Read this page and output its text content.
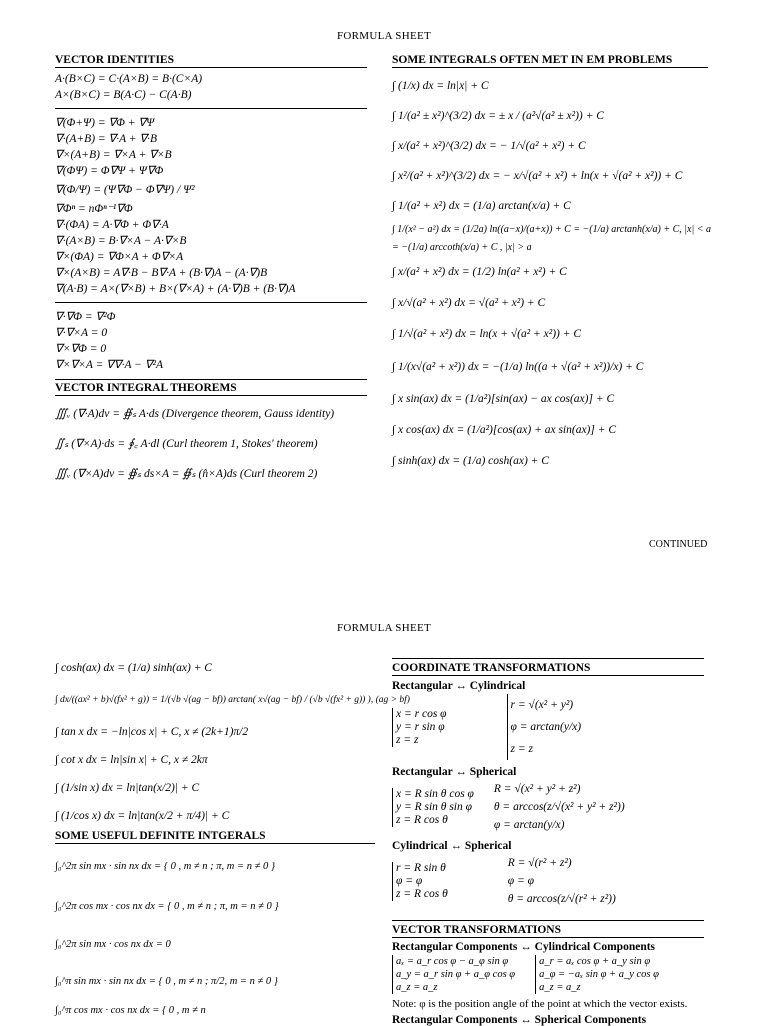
FORMULA SHEET
VECTOR IDENTITIES
A·(B×C) = C·(A×B) = B·(C×A)
A×(B×C) = B(A·C) − C(A·B)
∇(Φ+Ψ) = ∇Φ + ∇Ψ
∇·(A+B) = ∇·A + ∇·B
∇×(A+B) = ∇×A + ∇×B
∇(ΦΨ) = Φ∇Ψ + Ψ∇Φ
∇(Φ/Ψ) = (Ψ∇Φ − Φ∇Ψ) / Ψ²
∇Φⁿ = nΦⁿ⁻¹∇Φ
∇·(ΦA) = A·∇Φ + Φ∇·A
∇·(A×B) = B·∇×A − A·∇×B
∇×(ΦA) = ∇Φ×A + Φ∇×A
∇×(A×B) = A∇·B − B∇·A + (B·∇)A − (A·∇)B
∇(A·B) = A×(∇×B) + B×(∇×A) + (A·∇)B + (B·∇)A
∇·∇Φ = ∇²Φ
∇·∇×A = 0
∇×∇Φ = 0
∇×∇×A = ∇∇·A − ∇²A
VECTOR INTEGRAL THEOREMS
∭ᵥ (∇·A)dv = ∯ₛ A·ds (Divergence theorem, Gauss identity)
∬ₛ (∇×A)·ds = ∮꜀ A·dl (Curl theorem 1, Stokes' theorem)
∭ᵥ (∇×A)dv = ∯ₛ ds×A = ∯ₛ (n̂×A)ds (Curl theorem 2)
SOME INTEGRALS OFTEN MET IN EM PROBLEMS
∫ (1/x) dx = ln|x| + C
∫ 1/(a² ± x²)^(3/2) dx = ± x / (a²√(a² ± x²)) + C
∫ x/(a² + x²)^(3/2) dx = − 1/√(a² + x²) + C
∫ x²/(a² + x²)^(3/2) dx = − x/√(a² + x²) + ln(x + √(a² + x²)) + C
∫ 1/(a² + x²) dx = (1/a) arctan(x/a) + C
∫ 1/(x² − a²) dx = (1/2a) ln((a−x)/(a+x)) + C = −(1/a) arctanh(x/a) + C, |x| < a
= −(1/a) arccoth(x/a) + C , |x| > a
∫ x/(a² + x²) dx = (1/2) ln(a² + x²) + C
∫ x/√(a² + x²) dx = √(a² + x²) + C
∫ 1/√(a² + x²) dx = ln(x + √(a² + x²)) + C
∫ 1/(x√(a² + x²)) dx = −(1/a) ln((a + √(a² + x²))/x) + C
∫ x sin(ax) dx = (1/a²)[sin(ax) − ax cos(ax)] + C
∫ x cos(ax) dx = (1/a²)[cos(ax) + ax sin(ax)] + C
∫ sinh(ax) dx = (1/a) cosh(ax) + C
CONTINUED
FORMULA SHEET
∫ cosh(ax) dx = (1/a) sinh(ax) + C
∫ dx/((ax² + b)√(fx² + g)) = 1/(√b √(ag − bf)) arctan( x√(ag − bf) / (√b √(fx² + g)) ), (ag > bf)
∫ tan x dx = −ln|cos x| + C, x ≠ (2k+1)π/2
∫ cot x dx = ln|sin x| + C, x ≠ 2kπ
∫ (1/sin x) dx = ln|tan(x/2)| + C
∫ (1/cos x) dx = ln|tan(x/2 + π/4)| + C
SOME USEFUL DEFINITE INTGERALS
∫₀^2π sin mx · sin nx dx = { 0 , m ≠ n ; π, m = n ≠ 0 }
∫₀^2π cos mx · cos nx dx = { 0 , m ≠ n ; π, m = n ≠ 0 }
∫₀^2π sin mx · cos nx dx = 0
∫₀^π sin mx · sin nx dx = { 0 , m ≠ n ; π/2, m = n ≠ 0 }
∫₀^π cos mx · cos nx dx = { 0 , m ≠ n
COORDINATE TRANSFORMATIONS
Rectangular ↔ Cylindrical
x = r cos φ
y = r sin φ
z = z
r = √(x² + y²)
φ = arctan(y/x)
z = z
Rectangular ↔ Spherical
x = R sin θ cos φ
y = R sin θ sin φ
z = R cos θ
R = √(x² + y² + z²)
θ = arccos(z/√(x² + y² + z²))
φ = arctan(y/x)
Cylindrical ↔ Spherical
r = R sin θ
φ = φ
z = R cos θ
R = √(r² + z²)
φ = φ
θ = arccos(z/√(r² + z²))
VECTOR TRANSFORMATIONS
Rectangular Components ↔ Cylindrical Components
aₓ = a_r cos φ − a_φ sin φ
a_y = a_r sin φ + a_φ cos φ
a_z = a_z
a_r = aₓ cos φ + a_y sin φ
a_φ = −aₓ sin φ + a_y cos φ
a_z = a_z
Note: φ is the position angle of the point at which the vector exists.
Rectangular Components ↔ Spherical Components
